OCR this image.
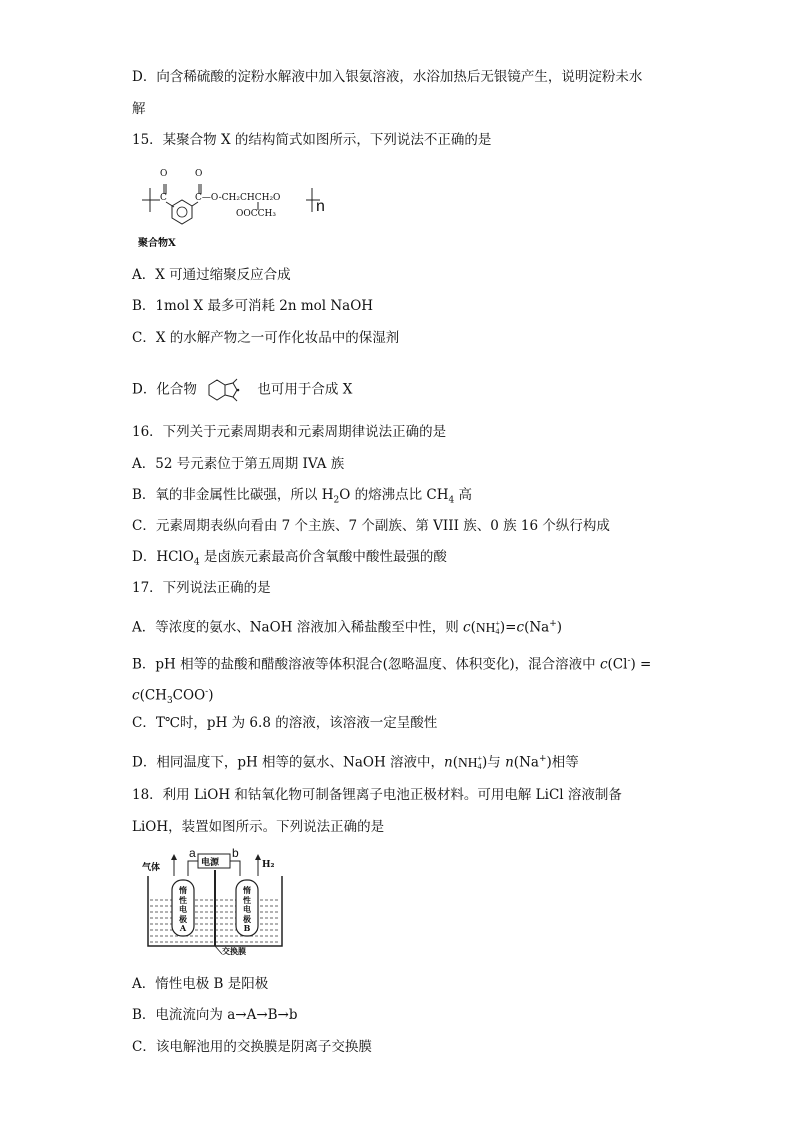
D．向含稀硫酸的淀粉水解液中加入银氨溶液，水浴加热后无银镜产生，说明淀粉未水
解
15．某聚合物 X 的结构简式如图所示，下列说法不正确的是
O	O
C	C—O-CH₂CHCH₂O
OOCCH₃	n
聚合物X
A．X 可通过缩聚反应合成
B．1mol X 最多可消耗 2n mol NaOH
C．X 的水解产物之一可作化妆品中的保湿剂
D．化合物	也可用于合成 X
16．下列关于元素周期表和元素周期律说法正确的是
A．52 号元素位于第五周期 IVA 族
B．氧的非金属性比碳强，所以 $H_2O$ 的熔沸点比 $CH_4$ 高
C．元素周期表纵向看由 7 个主族、7 个副族、第 VIII 族、0 族 16 个纵行构成
D．HClO$_4$ 是卤族元素最高价含氧酸中酸性最强的酸
17．下列说法正确的是
A．等浓度的氨水、NaOH 溶液加入稀盐酸至中性，则 c(NH +
4 )=c(Na+)
B．pH 相等的盐酸和醋酸溶液等体积混合(忽略温度、体积变化)，混合溶液中 c(Cl-) =
$c(CH_3COO^-)$
C．T℃时，pH 为 6.8 的溶液，该溶液一定呈酸性
D．相同温度下，pH 相等的氨水、NaOH 溶液中，n(NH +
4 )与 n(Na+)相等
18．利用 LiOH 和钴氧化物可制备锂离子电池正极材料。可用电解 LiCl 溶液制备
LiOH，装置如图所示。下列说法正确的是
气体	H₂
电源
a	b
惰
性
电
极
A
惰
性
电
极
B
交换膜
A．惰性电极 B 是阳极
B．电流流向为 a→A→B→b
C．该电解池用的交换膜是阴离子交换膜
